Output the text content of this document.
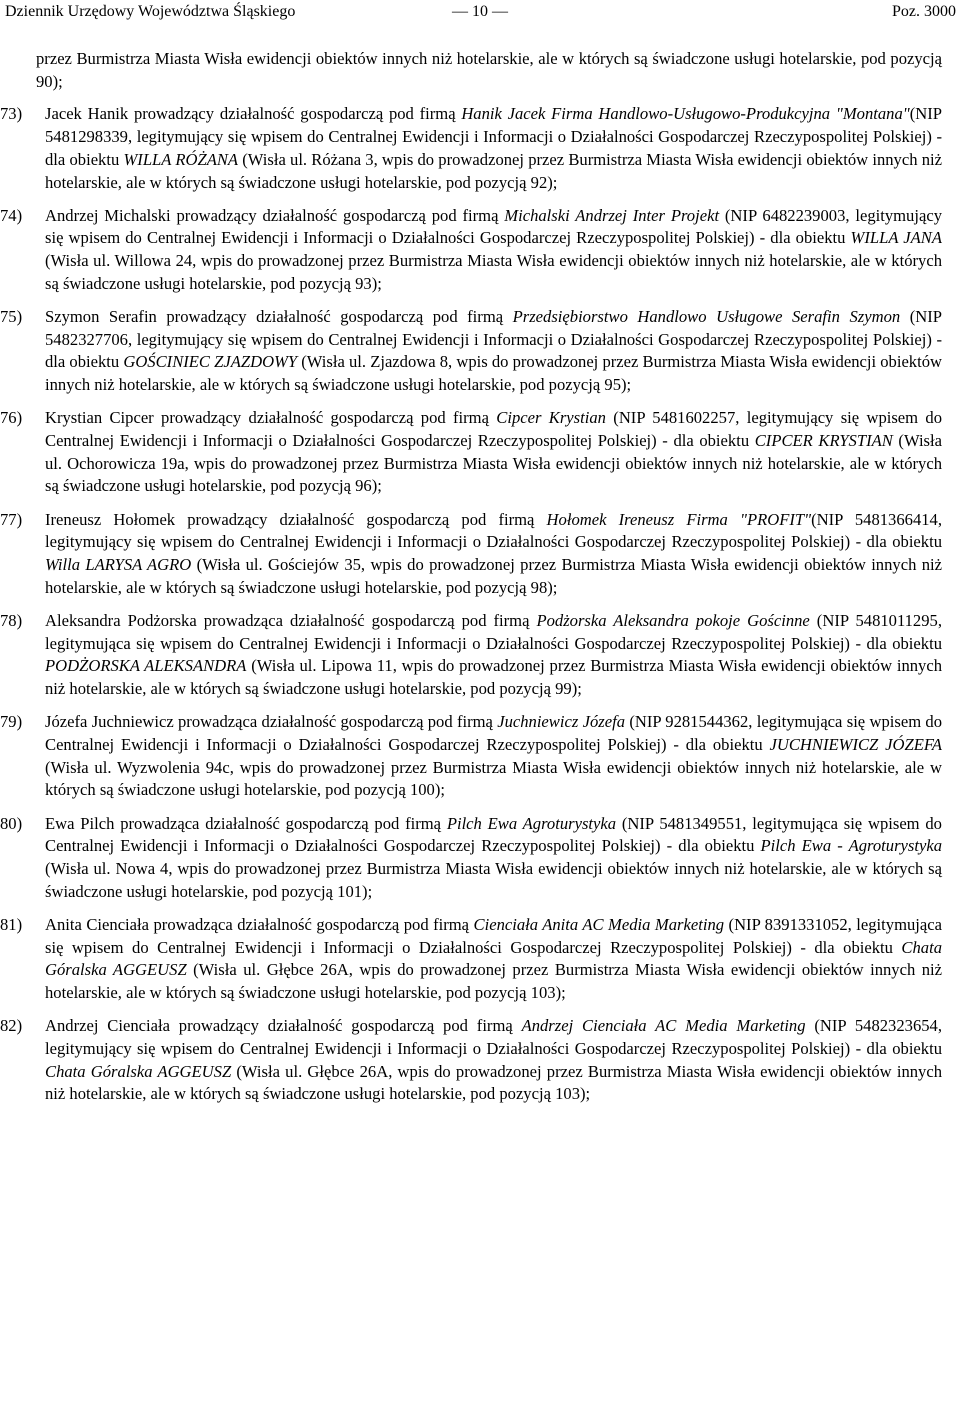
Dziennik Urzędowy Województwa Śląskiego	— 10 —	Poz. 3000
przez Burmistrza Miasta Wisła ewidencji obiektów innych niż hotelarskie, ale w których są świadczone usługi hotelarskie, pod pozycją 90);
73)	Jacek Hanik prowadzący działalność gospodarczą pod firmą Hanik Jacek Firma Handlowo-Usługowo-Produkcyjna "Montana"(NIP 5481298339, legitymujący się wpisem do Centralnej Ewidencji i Informacji o Działalności Gospodarczej Rzeczypospolitej Polskiej) - dla obiektu WILLA RÓŻANA (Wisła ul. Różana 3, wpis do prowadzonej przez Burmistrza Miasta Wisła ewidencji obiektów innych niż hotelarskie, ale w których są świadczone usługi hotelarskie, pod pozycją 92);
74)	Andrzej Michalski prowadzący działalność gospodarczą pod firmą Michalski Andrzej Inter Projekt (NIP 6482239003, legitymujący się wpisem do Centralnej Ewidencji i Informacji o Działalności Gospodarczej Rzeczypospolitej Polskiej) - dla obiektu WILLA JANA (Wisła ul. Willowa 24, wpis do prowadzonej przez Burmistrza Miasta Wisła ewidencji obiektów innych niż hotelarskie, ale w których są świadczone usługi hotelarskie, pod pozycją 93);
75)	Szymon Serafin prowadzący działalność gospodarczą pod firmą Przedsiębiorstwo Handlowo Usługowe Serafin Szymon (NIP 5482327706, legitymujący się wpisem do Centralnej Ewidencji i Informacji o Działalności Gospodarczej Rzeczypospolitej Polskiej) - dla obiektu GOŚCINIEC ZJAZDOWY (Wisła ul. Zjazdowa 8, wpis do prowadzonej przez Burmistrza Miasta Wisła ewidencji obiektów innych niż hotelarskie, ale w których są świadczone usługi hotelarskie, pod pozycją 95);
76)	Krystian Cipcer prowadzący działalność gospodarczą pod firmą Cipcer Krystian (NIP 5481602257, legitymujący się wpisem do Centralnej Ewidencji i Informacji o Działalności Gospodarczej Rzeczypospolitej Polskiej) - dla obiektu CIPCER KRYSTIAN (Wisła ul. Ochorowicza 19a, wpis do prowadzonej przez Burmistrza Miasta Wisła ewidencji obiektów innych niż hotelarskie, ale w których są świadczone usługi hotelarskie, pod pozycją 96);
77)	Ireneusz Hołomek prowadzący działalność gospodarczą pod firmą Hołomek Ireneusz Firma "PROFIT"(NIP 5481366414, legitymujący się wpisem do Centralnej Ewidencji i Informacji o Działalności Gospodarczej Rzeczypospolitej Polskiej) - dla obiektu Willa LARYSA AGRO (Wisła ul. Gościejów 35, wpis do prowadzonej przez Burmistrza Miasta Wisła ewidencji obiektów innych niż hotelarskie, ale w których są świadczone usługi hotelarskie, pod pozycją 98);
78)	Aleksandra Podżorska prowadząca działalność gospodarczą pod firmą Podżorska Aleksandra pokoje Gościnne (NIP 5481011295, legitymująca się wpisem do Centralnej Ewidencji i Informacji o Działalności Gospodarczej Rzeczypospolitej Polskiej) - dla obiektu PODŻORSKA ALEKSANDRA (Wisła ul. Lipowa 11, wpis do prowadzonej przez Burmistrza Miasta Wisła ewidencji obiektów innych niż hotelarskie, ale w których są świadczone usługi hotelarskie, pod pozycją 99);
79)	Józefa Juchniewicz prowadząca działalność gospodarczą pod firmą Juchniewicz Józefa (NIP 9281544362, legitymująca się wpisem do Centralnej Ewidencji i Informacji o Działalności Gospodarczej Rzeczypospolitej Polskiej) - dla obiektu JUCHNIEWICZ JÓZEFA (Wisła ul. Wyzwolenia 94c, wpis do prowadzonej przez Burmistrza Miasta Wisła ewidencji obiektów innych niż hotelarskie, ale w których są świadczone usługi hotelarskie, pod pozycją 100);
80)	Ewa Pilch prowadząca działalność gospodarczą pod firmą Pilch Ewa Agroturystyka (NIP 5481349551, legitymująca się wpisem do Centralnej Ewidencji i Informacji o Działalności Gospodarczej Rzeczypospolitej Polskiej) - dla obiektu Pilch Ewa - Agroturystyka (Wisła ul. Nowa 4, wpis do prowadzonej przez Burmistrza Miasta Wisła ewidencji obiektów innych niż hotelarskie, ale w których są świadczone usługi hotelarskie, pod pozycją 101);
81)	Anita Cienciała prowadząca działalność gospodarczą pod firmą Cienciała Anita AC Media Marketing (NIP 8391331052, legitymująca się wpisem do Centralnej Ewidencji i Informacji o Działalności Gospodarczej Rzeczypospolitej Polskiej) - dla obiektu Chata Góralska AGGEUSZ (Wisła ul. Głębce 26A, wpis do prowadzonej przez Burmistrza Miasta Wisła ewidencji obiektów innych niż hotelarskie, ale w których są świadczone usługi hotelarskie, pod pozycją 103);
82)	Andrzej Cienciała prowadzący działalność gospodarczą pod firmą Andrzej Cienciała AC Media Marketing (NIP 5482323654, legitymujący się wpisem do Centralnej Ewidencji i Informacji o Działalności Gospodarczej Rzeczypospolitej Polskiej) - dla obiektu Chata Góralska AGGEUSZ (Wisła ul. Głębce 26A, wpis do prowadzonej przez Burmistrza Miasta Wisła ewidencji obiektów innych niż hotelarskie, ale w których są świadczone usługi hotelarskie, pod pozycją 103);
